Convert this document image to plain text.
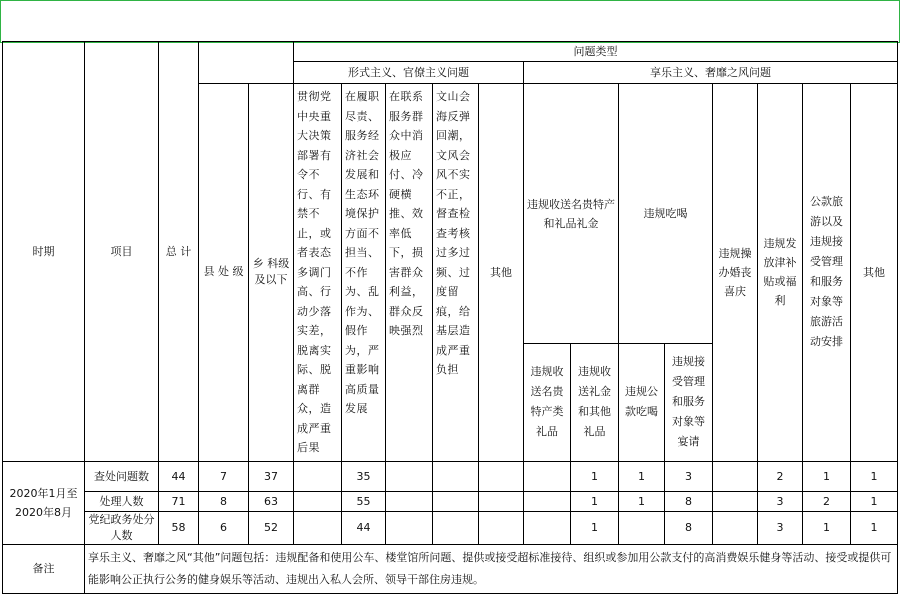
时期	项目	总 计			问题类型												
					形式主义、官僚主义问题					享乐主义、奢靡之风问题							
			县 处 级	乡 科级及以下	贯彻党中央重大决策部署有令不行、有禁不止，或者表态多调门高、行动少落实差，脱离实际、脱离群众，造成严重后果	在履职尽责、服务经济社会发展和生态环境保护方面不担当、不作为、乱作为、假作为，严重影响高质量发展	在联系服务群众中消极应付、冷硬横推、效率低下，损害群众利益，群众反映强烈	文山会海反弹回潮，文风会风不实不正，督查检查考核过多过频、过度留痕，给基层造成严重负担	其他	违规收送名贵特产和礼品礼金		违规吃喝		违规操办婚丧喜庆	违规发放津补贴或福利	公款旅游以及违规接受管理和服务对象等旅游活动安排	其他
										违规收送名贵特产类礼品	违规收送礼金和其他礼品	违规公款吃喝	违规接受管理和服务对象等宴请				
2020年1月至2020年8月	查处问题数	44	7	37		35					1	1	3		2	1	1
	处理人数	71	8	63		55					1	1	8		3	2	1
	党纪政务处分人数	58	6	52		44					1		8		3	1	1
备注	享乐主义、奢靡之风“其他”问题包括：违规配备和使用公车、楼堂馆所问题、提供或接受超标准接待、组织或参加用公款支付的高消费娱乐健身等活动、接受或提供可能影响公正执行公务的健身娱乐等活动、违规出入私人会所、领导干部住房违规。																
